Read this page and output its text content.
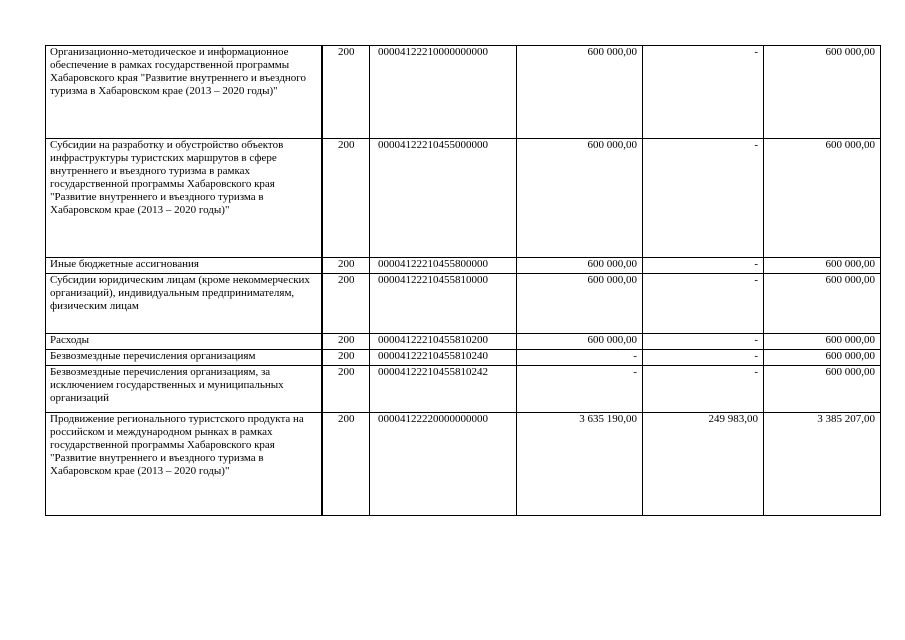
Организационно-методическое и информационное обеспечение в рамках государственной программы Хабаровского края "Развитие внутреннего и въездного туризма в Хабаровском крае (2013 – 2020 годы)"	200	00004122210000000000	600 000,00	-	600 000,00
Субсидии на разработку и обустройство объектов инфраструктуры туристских маршрутов в сфере внутреннего и въездного туризма в рамках государственной программы Хабаровского края "Развитие внутреннего и въездного туризма в Хабаровском крае (2013 – 2020 годы)"	200	00004122210455000000	600 000,00	-	600 000,00
Иные бюджетные ассигнования	200	00004122210455800000	600 000,00	-	600 000,00
Субсидии юридическим лицам (кроме некоммерческих организаций), индивидуальным предпринимателям, физическим лицам	200	00004122210455810000	600 000,00	-	600 000,00
Расходы	200	00004122210455810200	600 000,00	-	600 000,00
Безвозмездные перечисления организациям	200	00004122210455810240	-	-	600 000,00
Безвозмездные перечисления организациям, за исключением государственных и муниципальных организаций	200	00004122210455810242	-	-	600 000,00
Продвижение регионального туристского продукта на российском и международном рынках в рамках государственной программы Хабаровского края "Развитие внутреннего и въездного туризма в Хабаровском крае (2013 – 2020 годы)"	200	00004122220000000000	3 635 190,00	249 983,00	3 385 207,00
